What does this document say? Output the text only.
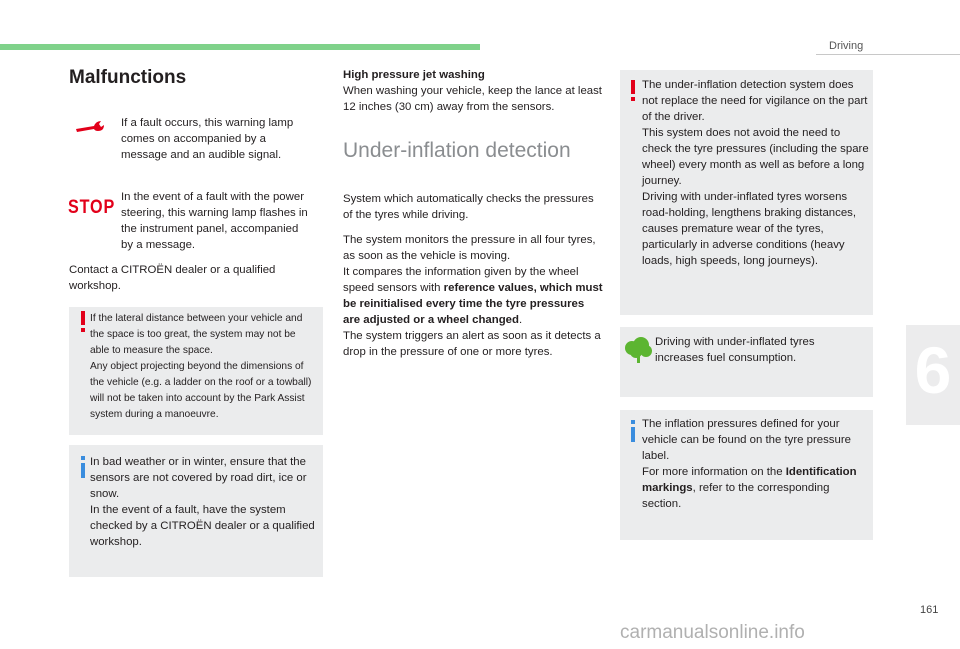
Driving
Malfunctions
If a fault occurs, this warning lamp comes on accompanied by a message and an audible signal.
STOP In the event of a fault with the power steering, this warning lamp flashes in the instrument panel, accompanied by a message.
Contact a CITROËN dealer or a qualified workshop.
If the lateral distance between your vehicle and the space is too great, the system may not be able to measure the space.
Any object projecting beyond the dimensions of the vehicle (e.g. a ladder on the roof or a towball) will not be taken into account by the Park Assist system during a manoeuvre.
In bad weather or in winter, ensure that the sensors are not covered by road dirt, ice or snow.
In the event of a fault, have the system checked by a CITROËN dealer or a qualified workshop.
High pressure jet washing
When washing your vehicle, keep the lance at least 12 inches (30 cm) away from the sensors.
Under-inflation detection
System which automatically checks the pressures of the tyres while driving.
The system monitors the pressure in all four tyres, as soon as the vehicle is moving.
It compares the information given by the wheel speed sensors with reference values, which must be reinitialised every time the tyre pressures are adjusted or a wheel changed.
The system triggers an alert as soon as it detects a drop in the pressure of one or more tyres.
The under-inflation detection system does not replace the need for vigilance on the part of the driver.
This system does not avoid the need to check the tyre pressures (including the spare wheel) every month as well as before a long journey.
Driving with under-inflated tyres worsens road-holding, lengthens braking distances, causes premature wear of the tyres, particularly in adverse conditions (heavy loads, high speeds, long journeys).
Driving with under-inflated tyres increases fuel consumption.
The inflation pressures defined for your vehicle can be found on the tyre pressure label.
For more information on the Identification markings, refer to the corresponding section.
6
161
carmanualsonline.info
